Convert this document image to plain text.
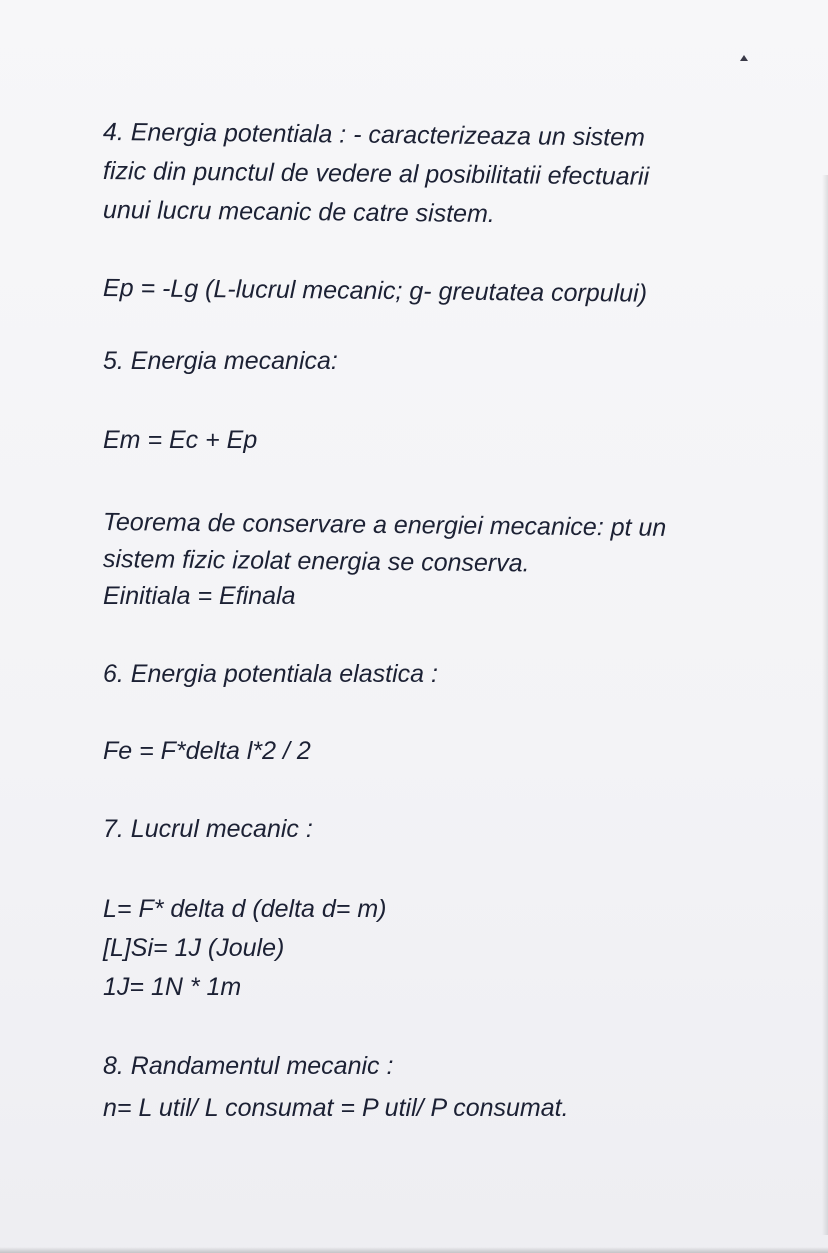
4. Energia potentiala : - caracterizeaza un sistem
fizic din punctul de vedere al posibilitatii efectuarii
unui lucru mecanic de catre sistem.
Ep = -Lg (L-lucrul mecanic; g- greutatea corpului)
5. Energia mecanica:
Em = Ec + Ep
Teorema de conservare a energiei mecanice: pt un
sistem fizic izolat energia se conserva.
Einitiala = Efinala
6. Energia potentiala elastica :
Fe = F*delta l*2 / 2
7. Lucrul mecanic :
L= F* delta d (delta d= m)
[L]Si= 1J (Joule)
1J= 1N * 1m
8. Randamentul mecanic :
n= L util/ L consumat = P util/ P consumat.
